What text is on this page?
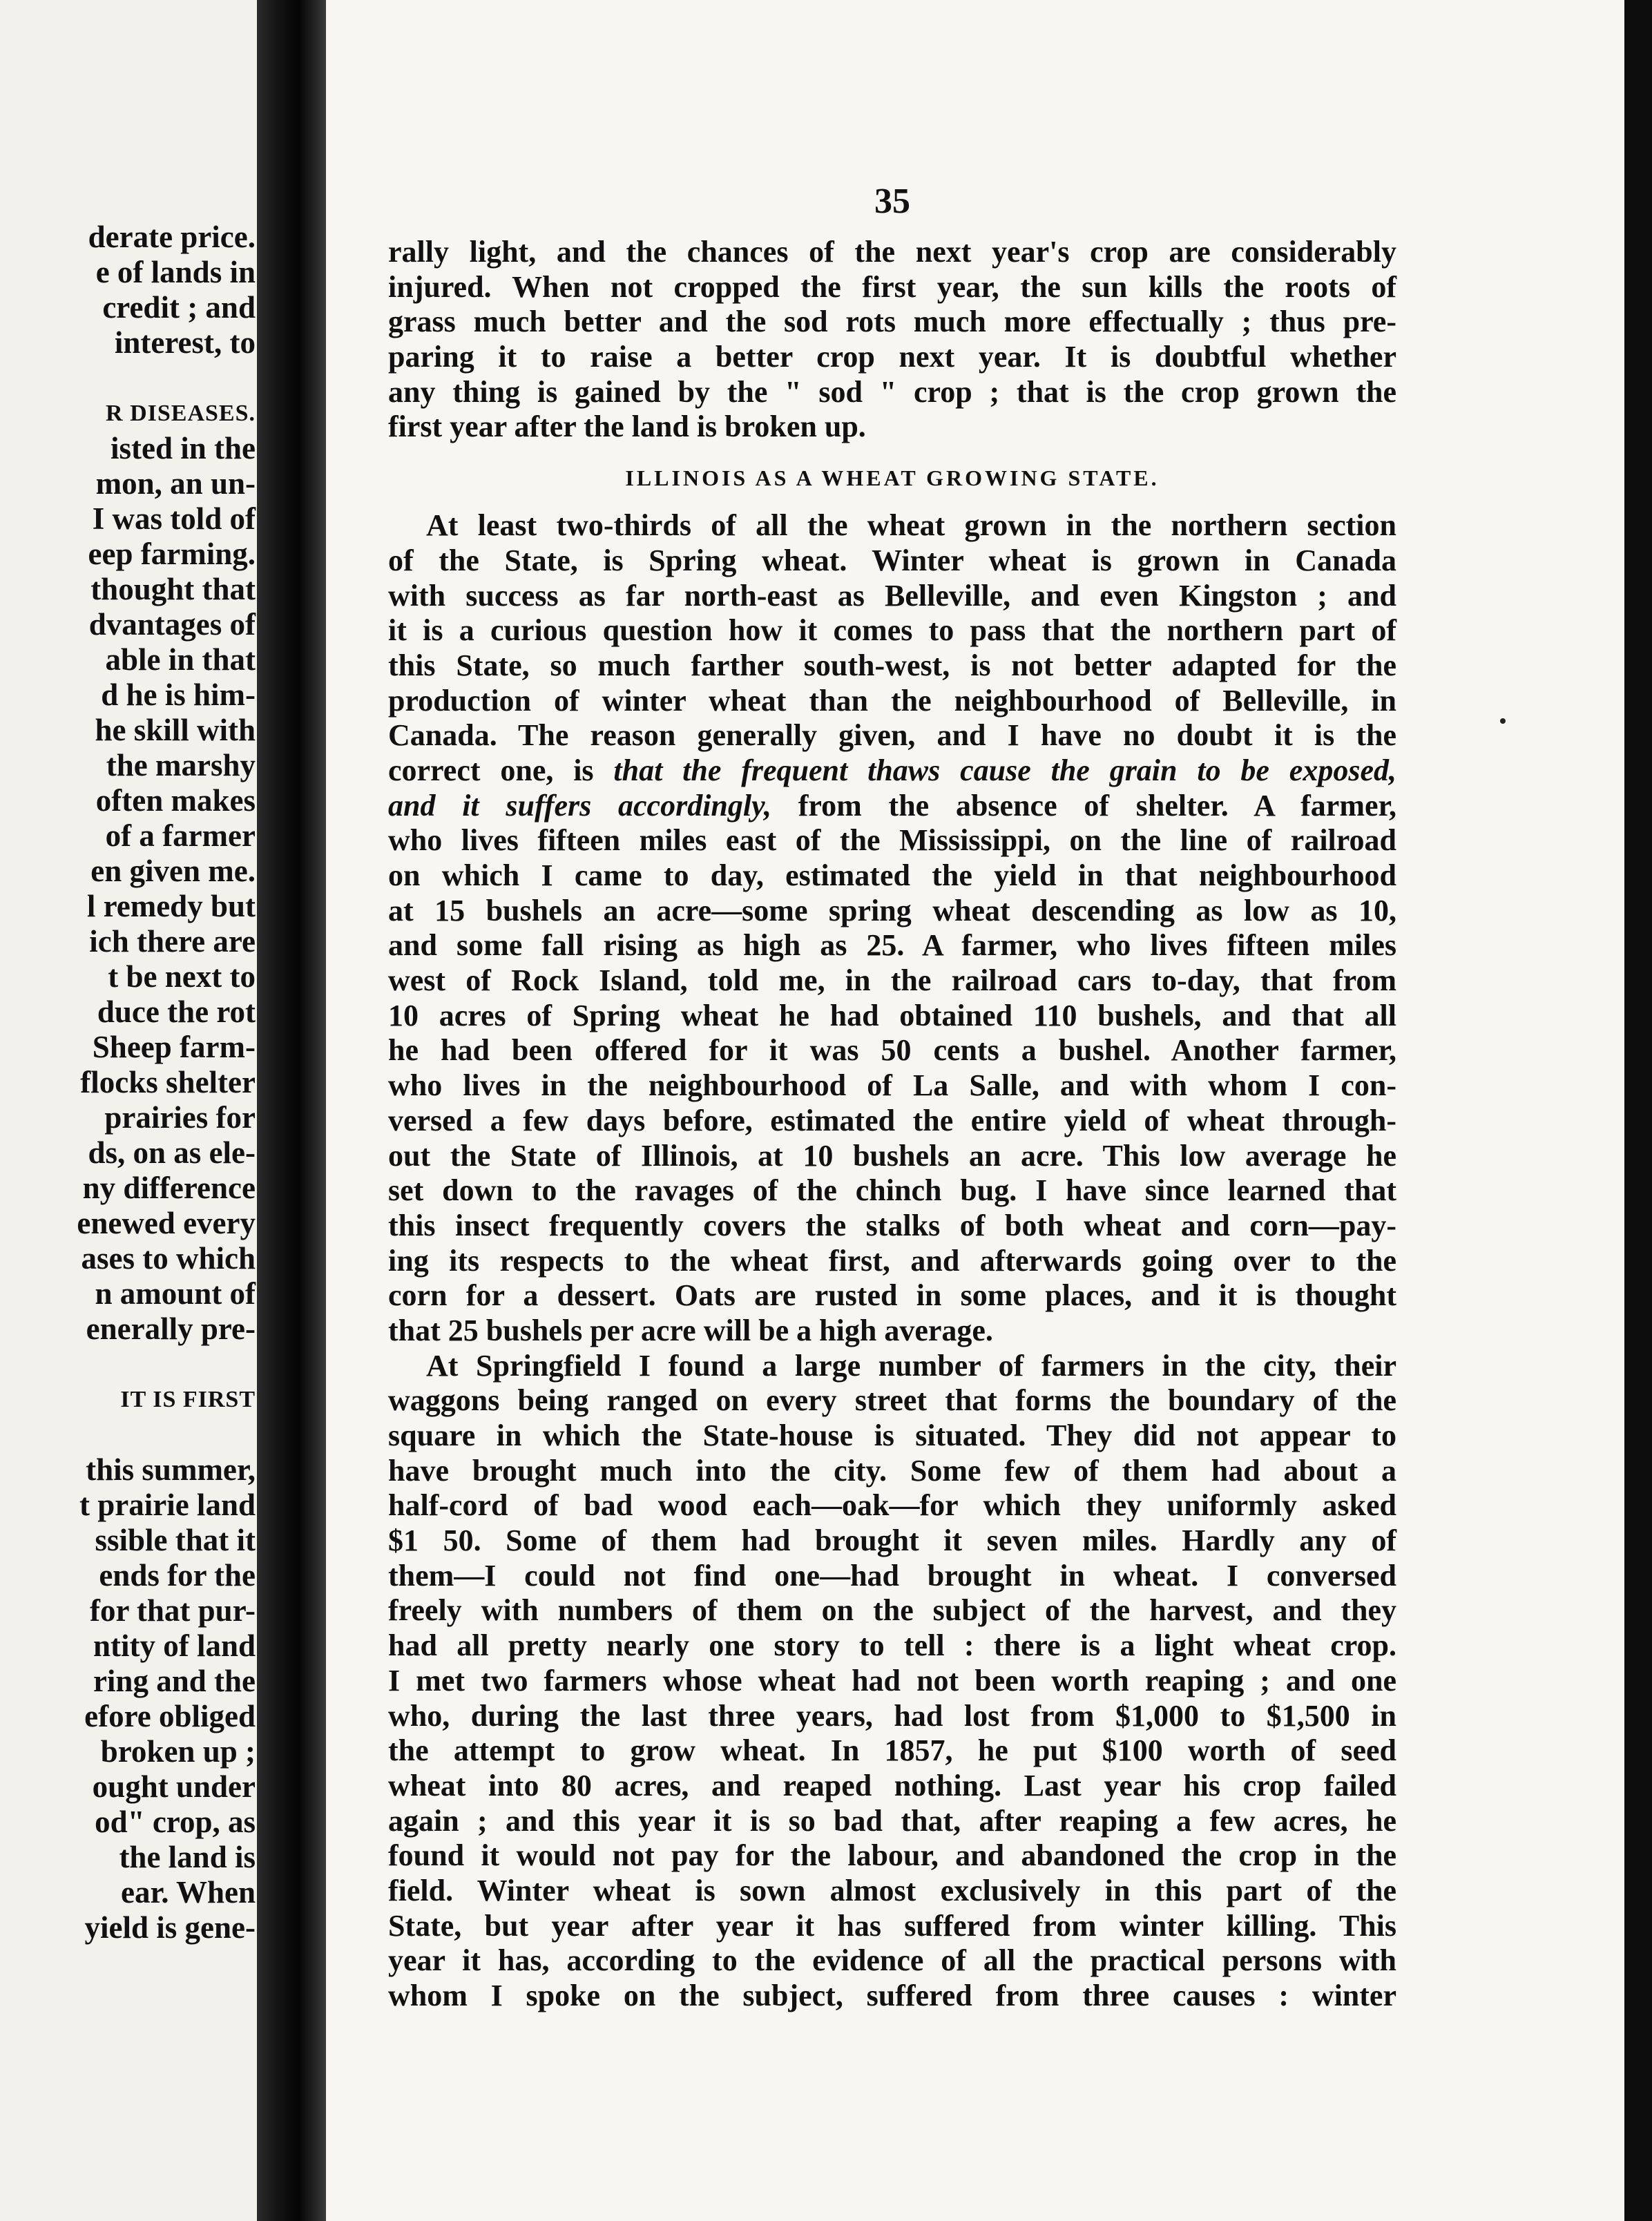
derate price.
e of lands in
credit ; and
interest, to
R DISEASES.
isted in the
mon, an un-
I was told of
eep farming.
thought that
dvantages of
able in that
d he is him-
he skill with
the marshy
often makes
of a farmer
en given me.
l remedy but
ich there are
t be next to
duce the rot
Sheep farm-
flocks shelter
prairies for
ds, on as ele-
ny difference
enewed every
ases to which
n amount of
enerally pre-
IT IS FIRST
this summer,
t prairie land
ssible that it
ends for the
for that pur-
ntity of land
ring and the
efore obliged
broken up ;
ought under
od" crop, as
the land is
ear. When
yield is gene-
35
rally light, and the chances of the next year's crop are considerably
injured. When not cropped the first year, the sun kills the roots of
grass much better and the sod rots much more effectually ; thus pre-
paring it to raise a better crop next year. It is doubtful whether
any thing is gained by the " sod " crop ; that is the crop grown the
first year after the land is broken up.
ILLINOIS AS A WHEAT GROWING STATE.
At least two-thirds of all the wheat grown in the northern section
of the State, is Spring wheat. Winter wheat is grown in Canada
with success as far north-east as Belleville, and even Kingston ; and
it is a curious question how it comes to pass that the northern part of
this State, so much farther south-west, is not better adapted for the
production of winter wheat than the neighbourhood of Belleville, in
Canada. The reason generally given, and I have no doubt it is the
correct one, is that the frequent thaws cause the grain to be exposed,
and it suffers accordingly, from the absence of shelter. A farmer,
who lives fifteen miles east of the Mississippi, on the line of railroad
on which I came to day, estimated the yield in that neighbourhood
at 15 bushels an acre—some spring wheat descending as low as 10,
and some fall rising as high as 25. A farmer, who lives fifteen miles
west of Rock Island, told me, in the railroad cars to-day, that from
10 acres of Spring wheat he had obtained 110 bushels, and that all
he had been offered for it was 50 cents a bushel. Another farmer,
who lives in the neighbourhood of La Salle, and with whom I con-
versed a few days before, estimated the entire yield of wheat through-
out the State of Illinois, at 10 bushels an acre. This low average he
set down to the ravages of the chinch bug. I have since learned that
this insect frequently covers the stalks of both wheat and corn—pay-
ing its respects to the wheat first, and afterwards going over to the
corn for a dessert. Oats are rusted in some places, and it is thought
that 25 bushels per acre will be a high average.
At Springfield I found a large number of farmers in the city, their
waggons being ranged on every street that forms the boundary of the
square in which the State-house is situated. They did not appear to
have brought much into the city. Some few of them had about a
half-cord of bad wood each—oak—for which they uniformly asked
$1 50. Some of them had brought it seven miles. Hardly any of
them—I could not find one—had brought in wheat. I conversed
freely with numbers of them on the subject of the harvest, and they
had all pretty nearly one story to tell : there is a light wheat crop.
I met two farmers whose wheat had not been worth reaping ; and one
who, during the last three years, had lost from $1,000 to $1,500 in
the attempt to grow wheat. In 1857, he put $100 worth of seed
wheat into 80 acres, and reaped nothing. Last year his crop failed
again ; and this year it is so bad that, after reaping a few acres, he
found it would not pay for the labour, and abandoned the crop in the
field. Winter wheat is sown almost exclusively in this part of the
State, but year after year it has suffered from winter killing. This
year it has, according to the evidence of all the practical persons with
whom I spoke on the subject, suffered from three causes : winter
